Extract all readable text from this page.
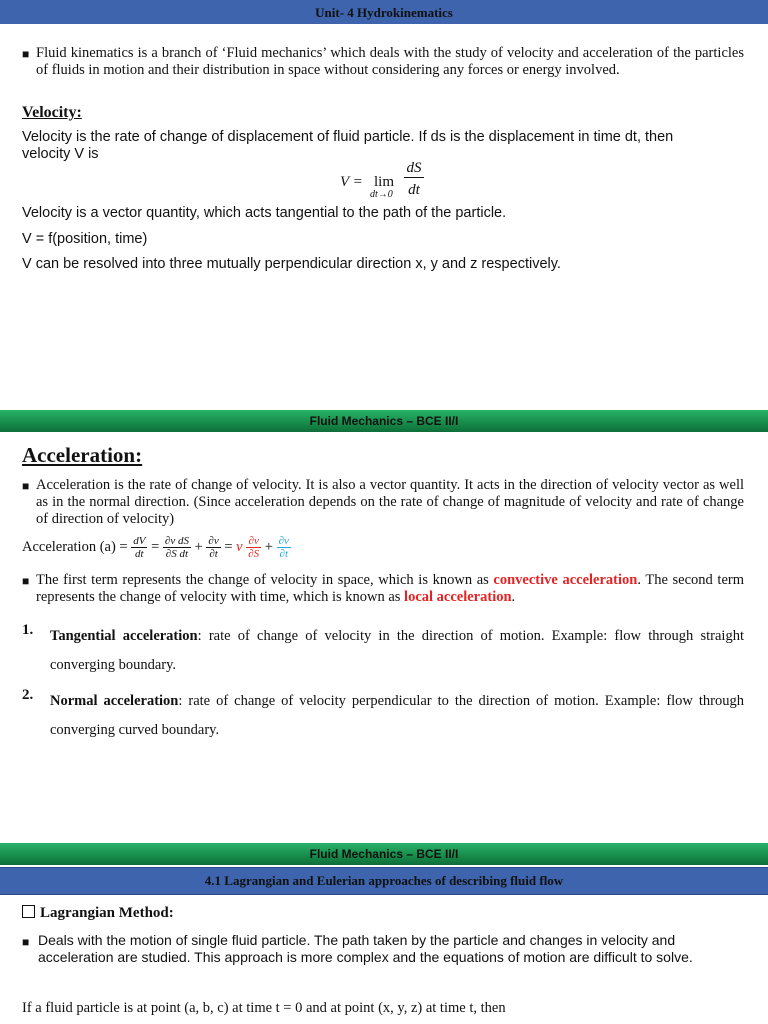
Unit- 4 Hydrokinematics
■ Fluid kinematics is a branch of ‘Fluid mechanics’ which deals with the study of velocity and acceleration of the particles of fluids in motion and their distribution in space without considering any forces or energy involved.
Velocity:
Velocity is the rate of change of displacement of fluid particle. If ds is the displacement in time dt, then velocity V is
V = lim
dt→0
dS
dt
Velocity is a vector quantity, which acts tangential to the path of the particle.
V = f(position, time)
V can be resolved into three mutually perpendicular direction x, y and z respectively.
Fluid Mechanics – BCE II/I
Acceleration:
■ Acceleration is the rate of change of velocity. It is also a vector quantity. It acts in the direction of velocity vector as well as in the normal direction. (Since acceleration depends on the rate of change of magnitude of velocity and rate of change of direction of velocity)
Acceleration $(a) = \frac{dV}{dt} = \frac{\text{∂v dS}}{\text{∂S dt}} + \frac{\partial v}{\partial t} = v \frac{\partial v}{\partial S} + \frac{\partial v}{\partial t}$
■ The first term represents the change of velocity in space, which is known as convective acceleration. The second term represents the change of velocity with time, which is known as local acceleration.
1. Tangential acceleration: rate of change of velocity in the direction of motion. Example: flow through straight converging boundary.
2. Normal acceleration: rate of change of velocity perpendicular to the direction of motion. Example: flow through converging curved boundary.
Fluid Mechanics – BCE II/I
4.1 Lagrangian and Eulerian approaches of describing fluid flow
Lagrangian Method:
■ Deals with the motion of single fluid particle. The path taken by the particle and changes in velocity and acceleration are studied. This approach is more complex and the equations of motion are difficult to solve.
If a fluid particle is at point (a, b, c) at time t = 0 and at point (x, y, z) at time t, then
